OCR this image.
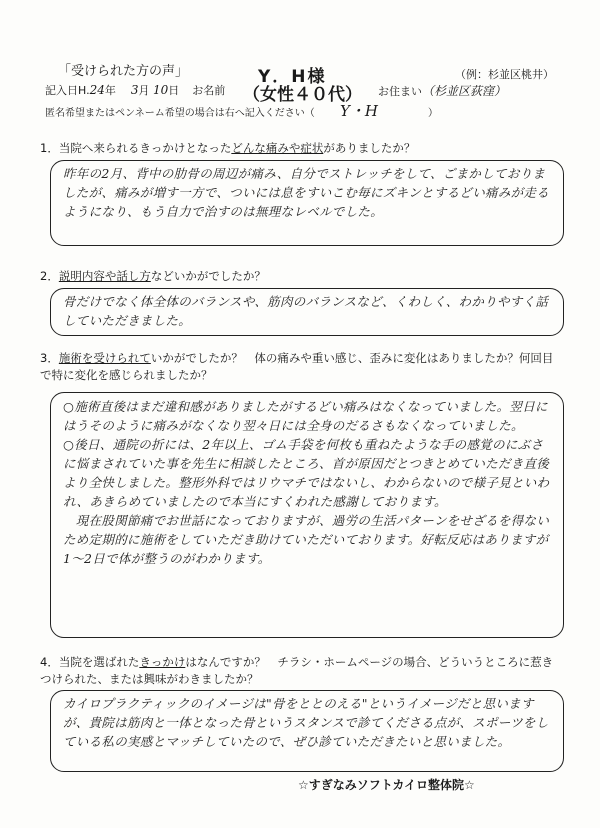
「受けられた方の声」	Y．H様	（例：杉並区桃井）
記入日H.24年 3月 10日 お名前 （女性４０代） お住まい（杉並区荻窪）
匿名希望またはペンネーム希望の場合は右へ記入ください（ Y・H	）
1．当院へ来られるきっかけとなったどんな痛みや症状がありましたか？
昨年の2月、背中の肋骨の周辺が痛み、自分でストレッチをして、ごまかしておりましたが、痛みが増す一方で、ついには息をすいこむ毎にズキンとするどい痛みが走るようになり、もう自力で治すのは無理なレベルでした。
2．説明内容や話し方などいかがでしたか？
骨だけでなく体全体のバランスや、筋肉のバランスなど、くわしく、わかりやすく話していただきました。
3．施術を受けられていかがでしたか？　体の痛みや重い感じ、歪みに変化はありましたか？何回目で特に変化を感じられましたか？
○施術直後はまだ違和感がありましたがするどい痛みはなくなっていました。翌日にはうそのように痛みがなくなり翌々日には全身のだるさもなくなっていました。
○後日、通院の折には、2年以上、ゴム手袋を何枚も重ねたような手の感覚のにぶさに悩まされていた事を先生に相談したところ、首が原因だとつきとめていただき直後より全快しました。整形外科ではリウマチではないし、わからないので様子見といわれ、あきらめていましたので本当にすくわれた感謝しております。
　現在股関節痛でお世話になっておりますが、過労の生活パターンをせざるを得ないため定期的に施術をしていただき助けていただいております。好転反応はありますが1〜2日で体が整うのがわかります。
4．当院を選ばれたきっかけはなんですか？　チラシ・ホームページの場合、どういうところに惹きつけられた、または興味がわきましたか？
カイロプラクティックのイメージは"骨をととのえる"というイメージだと思いますが、貴院は筋肉と一体となった骨というスタンスで診てくださる点が、スポーツをしている私の実感とマッチしていたので、ぜひ診ていただきたいと思いました。
☆すぎなみソフトカイロ整体院☆
